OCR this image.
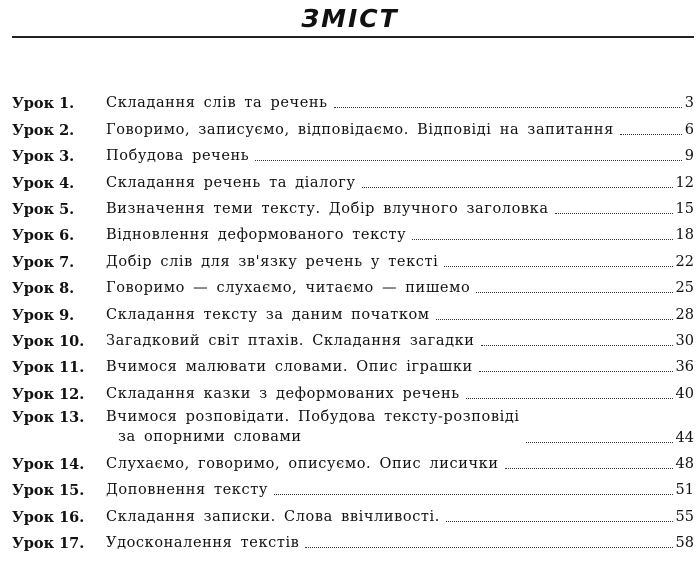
ЗМІСТ
Урок 1.	Складання слів та речень	3
Урок 2.	Говоримо, записуємо, відповідаємо. Відповіді на запитання	6
Урок 3.	Побудова речень	9
Урок 4.	Складання речень та діалогу	12
Урок 5.	Визначення теми тексту. Добір влучного заголовка	15
Урок 6.	Відновлення деформованого тексту	18
Урок 7.	Добір слів для зв'язку речень у тексті	22
Урок 8.	Говоримо — слухаємо, читаємо — пишемо	25
Урок 9.	Складання тексту за даним початком	28
Урок 10.	Загадковий світ птахів. Складання загадки	30
Урок 11.	Вчимося малювати словами. Опис іграшки	36
Урок 12.	Складання казки з деформованих речень	40
Урок 13.	Вчимося розповідати. Побудова тексту-розповіді
за опорними словами	44
Урок 14.	Слухаємо, говоримо, описуємо. Опис лисички	48
Урок 15.	Доповнення тексту	51
Урок 16.	Складання записки. Слова ввічливості.	55
Урок 17.	Удосконалення текстів	58
